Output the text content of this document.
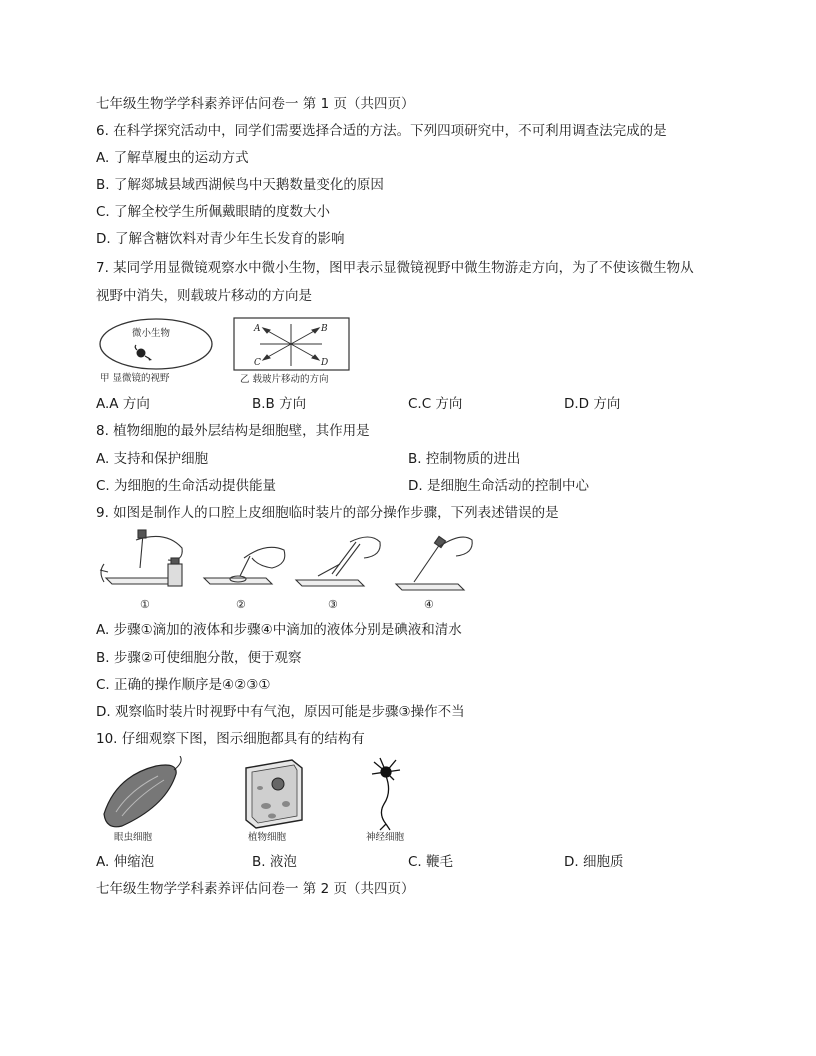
七年级生物学学科素养评估问卷一 第 1 页（共四页）
6. 在科学探究活动中，同学们需要选择合适的方法。下列四项研究中，不可利用调查法完成的是
A. 了解草履虫的运动方式
B. 了解郯城县域西湖候鸟中天鹅数量变化的原因
C. 了解全校学生所佩戴眼睛的度数大小
D. 了解含糖饮料对青少年生长发育的影响
7. 某同学用显微镜观察水中微小生物，图甲表示显微镜视野中微生物游走方向，为了不使该微生物从
视野中消失，则载玻片移动的方向是
微小生物
甲 显微镜的视野
A	B
C	D
乙 载玻片移动的方向
A.A 方向	B.B 方向	C.C 方向	D.D 方向
8. 植物细胞的最外层结构是细胞壁，其作用是
A. 支持和保护细胞	B. 控制物质的进出
C. 为细胞的生命活动提供能量	D. 是细胞生命活动的控制中心
9. 如图是制作人的口腔上皮细胞临时装片的部分操作步骤，下列表述错误的是
①	②	③	④
A. 步骤①滴加的液体和步骤④中滴加的液体分别是碘液和清水
B. 步骤②可使细胞分散，便于观察
C. 正确的操作顺序是④②③①
D. 观察临时装片时视野中有气泡，原因可能是步骤③操作不当
10. 仔细观察下图，图示细胞都具有的结构有
眼虫细胞	植物细胞	神经细胞
A. 伸缩泡	B. 液泡	C. 鞭毛	D. 细胞质
七年级生物学学科素养评估问卷一 第 2 页（共四页）
